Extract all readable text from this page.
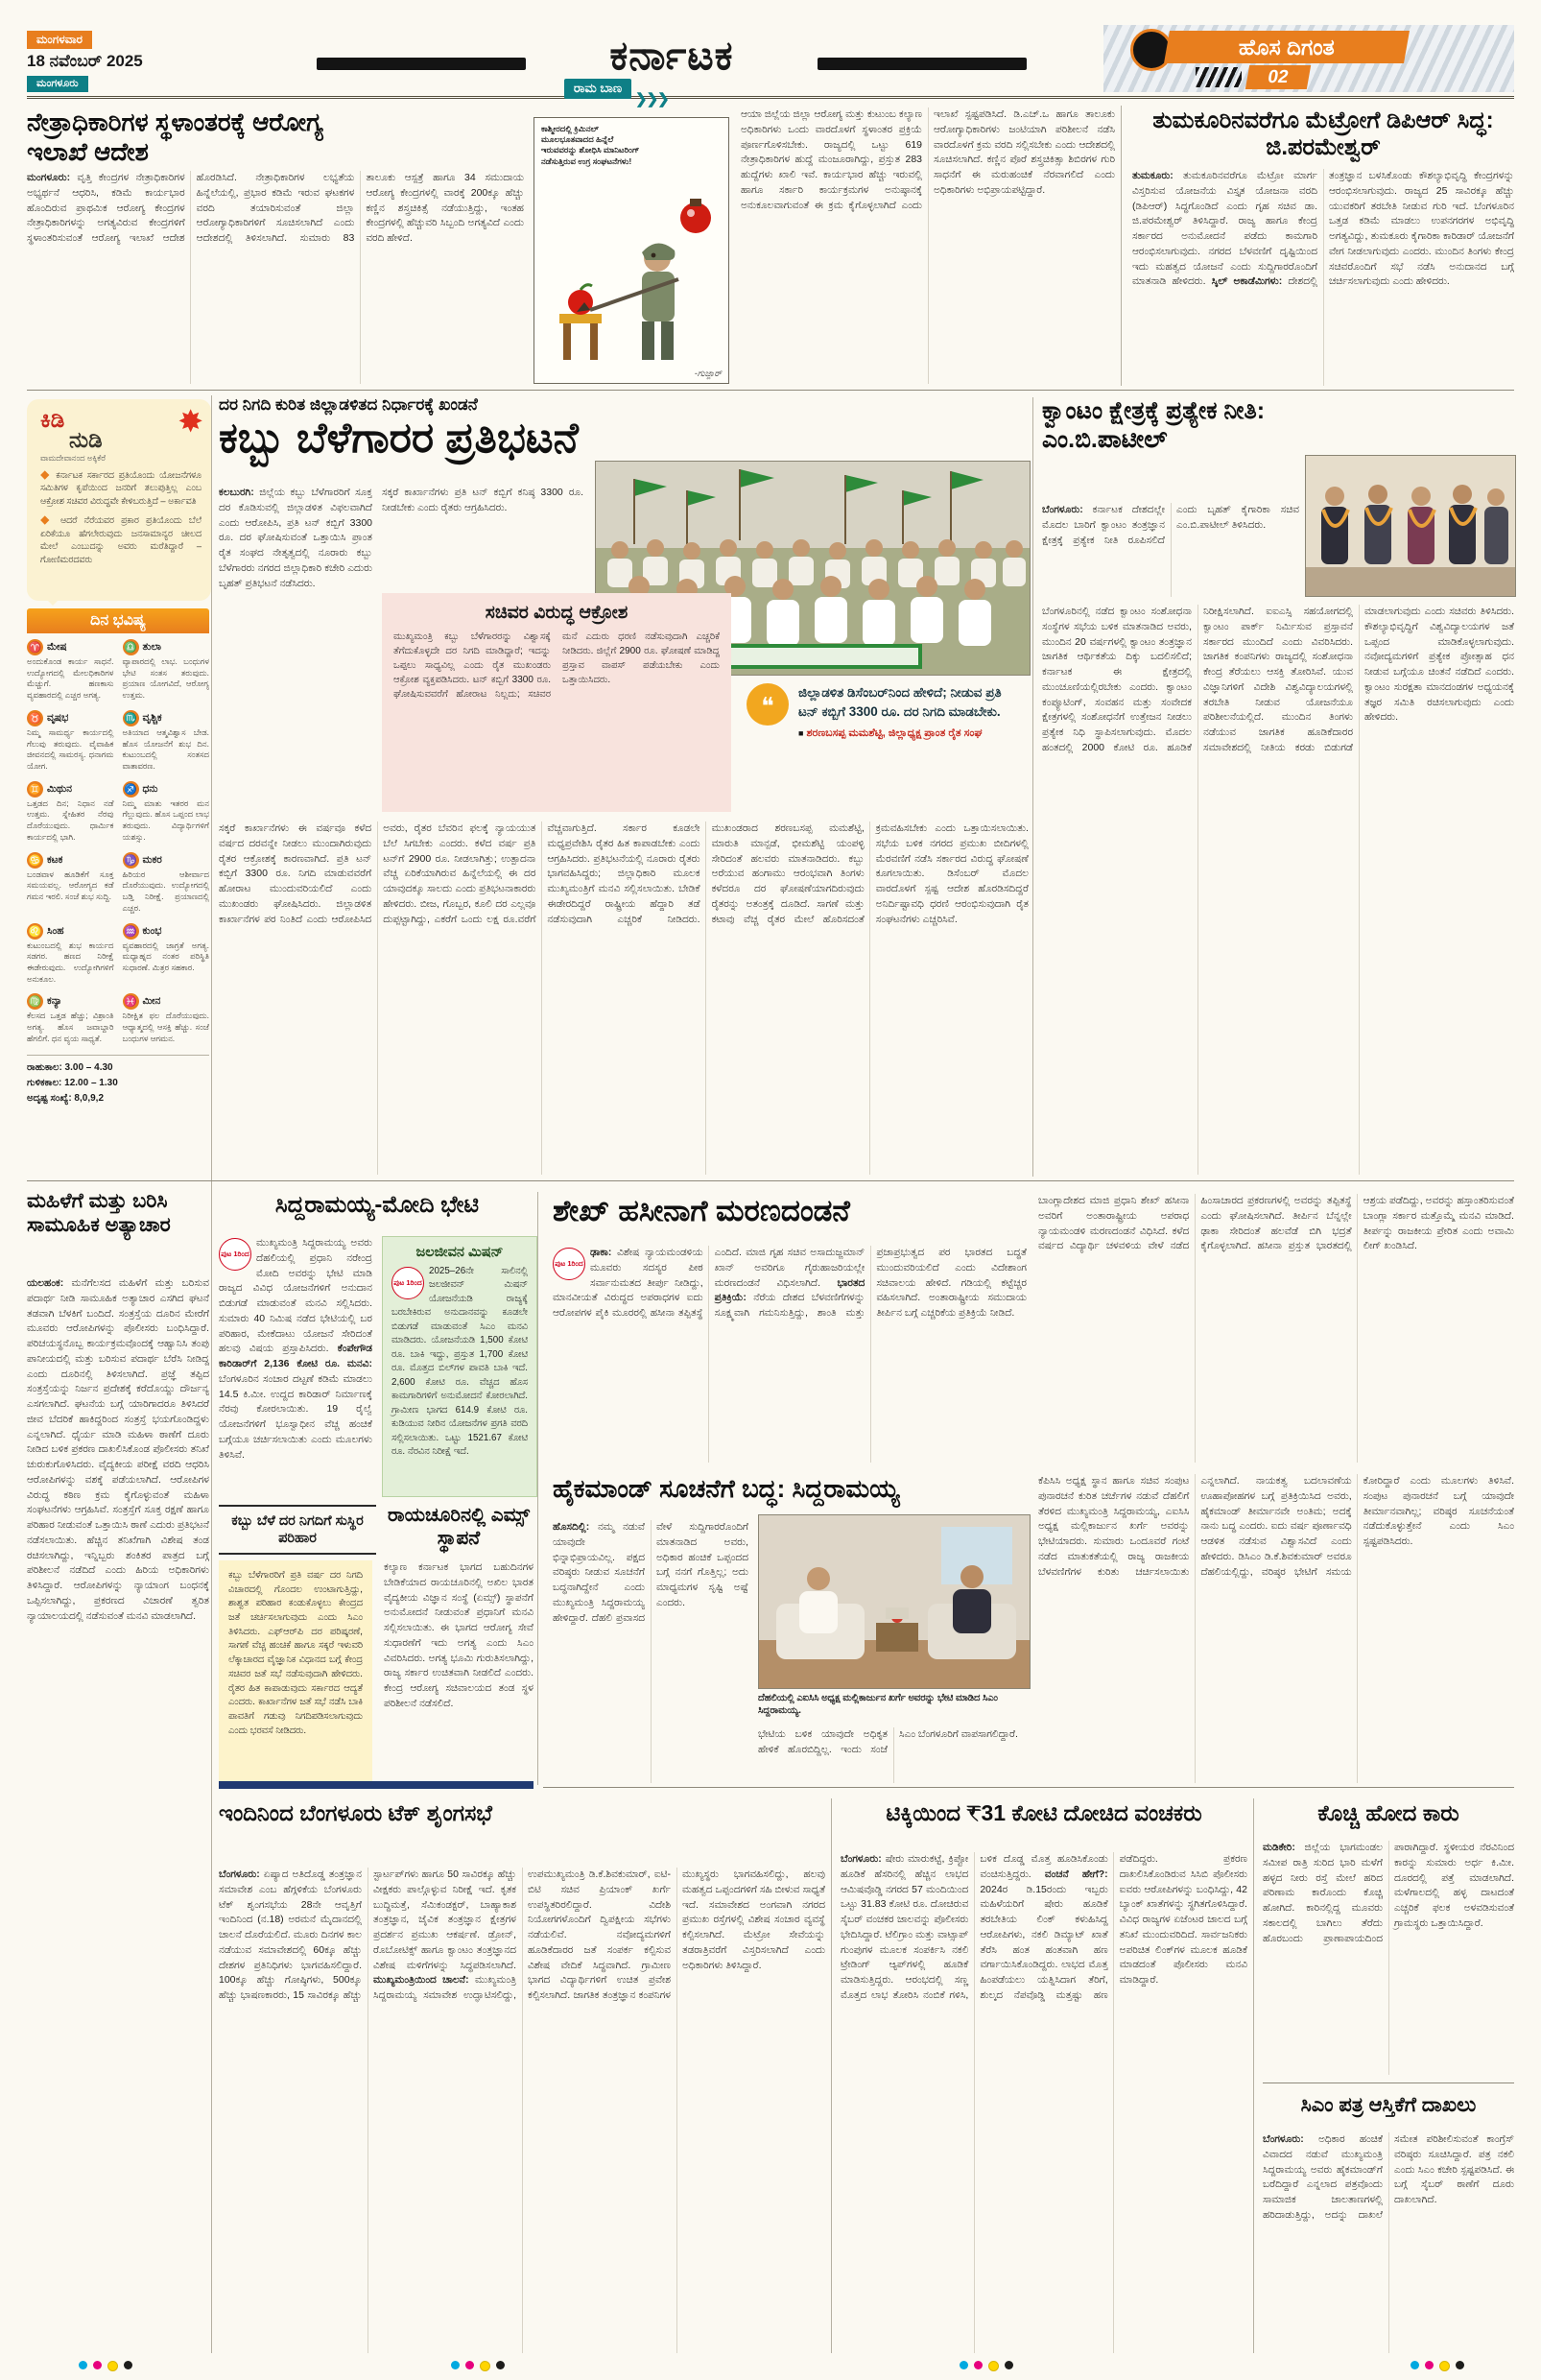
ಮಂಗಳವಾರ
18 ನವೆಂಬರ್ 2025
ಮಂಗಳೂರು
ಕರ್ನಾಟಕ	ಹೊಸ ದಿಗಂತ
02
ನೇತ್ರಾಧಿಕಾರಿಗಳ ಸ್ಥಳಾಂತರಕ್ಕೆ ಆರೋಗ್ಯ ಇಲಾಖೆ ಆದೇಶ
ಮಂಗಳೂರು: ವೃತ್ತಿ ಕೇಂದ್ರಗಳ ನೇತ್ರಾಧಿಕಾರಿಗಳ ಅಭ್ಯರ್ಥನೆ ಆಧರಿಸಿ, ಕಡಿಮೆ ಕಾರ್ಯಭಾರ ಹೊಂದಿರುವ ಪ್ರಾಥಮಿಕ ಆರೋಗ್ಯ ಕೇಂದ್ರಗಳ ನೇತ್ರಾಧಿಕಾರಿಗಳನ್ನು ಅಗತ್ಯವಿರುವ ಕೇಂದ್ರಗಳಿಗೆ ಸ್ಥಳಾಂತರಿಸುವಂತೆ ಆರೋಗ್ಯ ಇಲಾಖೆ ಆದೇಶ ಹೊರಡಿಸಿದೆ. ನೇತ್ರಾಧಿಕಾರಿಗಳ ಲಭ್ಯತೆಯ ಹಿನ್ನೆಲೆಯಲ್ಲಿ, ಪ್ರಭಾರ ಕಡಿಮೆ ಇರುವ ಘಟಕಗಳ ವರದಿ ತಯಾರಿಸುವಂತೆ ಜಿಲ್ಲಾ ಆರೋಗ್ಯಾಧಿಕಾರಿಗಳಿಗೆ ಸೂಚಿಸಲಾಗಿದೆ ಎಂದು ಆದೇಶದಲ್ಲಿ ತಿಳಿಸಲಾಗಿದೆ. ಸುಮಾರು 83 ತಾಲೂಕು ಆಸ್ಪತ್ರೆ ಹಾಗೂ 34 ಸಮುದಾಯ ಆರೋಗ್ಯ ಕೇಂದ್ರಗಳಲ್ಲಿ ವಾರಕ್ಕೆ 200ಕ್ಕೂ ಹೆಚ್ಚು ಕಣ್ಣಿನ ಶಸ್ತ್ರಚಿಕಿತ್ಸೆ ನಡೆಯುತ್ತಿದ್ದು, ಇಂತಹ ಕೇಂದ್ರಗಳಲ್ಲಿ ಹೆಚ್ಚುವರಿ ಸಿಬ್ಬಂದಿ ಅಗತ್ಯವಿದೆ ಎಂದು ವರದಿ ಹೇಳಿದೆ.
ರಾಮ ಬಾಣ
❯❯❯
ಕಾಶ್ಮೀರದಲ್ಲಿ ಕ್ರಿಮಿನಲ್ ಮೂಲಭೂತವಾದದ ಹಿನ್ನೆಲೆ ಇರುವವರನ್ನು ಶೋಧಿಸಿ ಮಾನಿಟರಿಂಗ್ ನಡೆಸುತ್ತಿರುವ ಉಗ್ರ ಸಂಘಟನೆಗಳು!
-ಗುಜ್ಜಾರ್
ಆಯಾ ಜಿಲ್ಲೆಯ ಜಿಲ್ಲಾ ಆರೋಗ್ಯ ಮತ್ತು ಕುಟುಂಬ ಕಲ್ಯಾಣ ಅಧಿಕಾರಿಗಳು ಒಂದು ವಾರದೊಳಗೆ ಸ್ಥಳಾಂತರ ಪ್ರಕ್ರಿಯೆ ಪೂರ್ಣಗೊಳಿಸಬೇಕು. ರಾಜ್ಯದಲ್ಲಿ ಒಟ್ಟು 619 ನೇತ್ರಾಧಿಕಾರಿಗಳ ಹುದ್ದೆ ಮಂಜೂರಾಗಿದ್ದು, ಪ್ರಸ್ತುತ 283 ಹುದ್ದೆಗಳು ಖಾಲಿ ಇವೆ. ಕಾರ್ಯಭಾರ ಹೆಚ್ಚು ಇರುವಲ್ಲಿ ಹಾಗೂ ಸರ್ಕಾರಿ ಕಾರ್ಯಕ್ರಮಗಳ ಅನುಷ್ಠಾನಕ್ಕೆ ಅನುಕೂಲವಾಗುವಂತೆ ಈ ಕ್ರಮ ಕೈಗೊಳ್ಳಲಾಗಿದೆ ಎಂದು ಇಲಾಖೆ ಸ್ಪಷ್ಟಪಡಿಸಿದೆ. ಡಿ.ಎಚ್.ಒ ಹಾಗೂ ತಾಲೂಕು ಆರೋಗ್ಯಾಧಿಕಾರಿಗಳು ಜಂಟಿಯಾಗಿ ಪರಿಶೀಲನೆ ನಡೆಸಿ ವಾರದೊಳಗೆ ಕ್ರಮ ವರದಿ ಸಲ್ಲಿಸಬೇಕು ಎಂದು ಆದೇಶದಲ್ಲಿ ಸೂಚಿಸಲಾಗಿದೆ. ಕಣ್ಣಿನ ಪೊರೆ ಶಸ್ತ್ರಚಿಕಿತ್ಸಾ ಶಿಬಿರಗಳ ಗುರಿ ಸಾಧನೆಗೆ ಈ ಮರುಹಂಚಿಕೆ ನೆರವಾಗಲಿದೆ ಎಂದು ಅಧಿಕಾರಿಗಳು ಅಭಿಪ್ರಾಯಪಟ್ಟಿದ್ದಾರೆ.
ತುಮಕೂರಿನವರೆಗೂ ಮೆಟ್ರೋಗೆ ಡಿಪಿಆರ್ ಸಿದ್ಧ: ಜಿ.ಪರಮೇಶ್ವರ್
ತುಮಕೂರು: ತುಮಕೂರಿನವರೆಗೂ ಮೆಟ್ರೋ ಮಾರ್ಗ ವಿಸ್ತರಿಸುವ ಯೋಜನೆಯ ವಿಸ್ತೃತ ಯೋಜನಾ ವರದಿ (ಡಿಪಿಆರ್) ಸಿದ್ಧಗೊಂಡಿದೆ ಎಂದು ಗೃಹ ಸಚಿವ ಡಾ. ಜಿ.ಪರಮೇಶ್ವರ್ ತಿಳಿಸಿದ್ದಾರೆ. ರಾಜ್ಯ ಹಾಗೂ ಕೇಂದ್ರ ಸರ್ಕಾರದ ಅನುಮೋದನೆ ಪಡೆದು ಕಾಮಗಾರಿ ಆರಂಭಿಸಲಾಗುವುದು. ನಗರದ ಬೆಳವಣಿಗೆ ದೃಷ್ಟಿಯಿಂದ ಇದು ಮಹತ್ವದ ಯೋಜನೆ ಎಂದು ಸುದ್ದಿಗಾರರೊಂದಿಗೆ ಮಾತನಾಡಿ ಹೇಳಿದರು. ಸ್ಕಿಲ್ ಅಕಾಡೆಮಿಗಳು: ದೇಶದಲ್ಲಿ ತಂತ್ರಜ್ಞಾನ ಬಳಸಿಕೊಂಡು ಕೌಶಲ್ಯಾಭಿವೃದ್ಧಿ ಕೇಂದ್ರಗಳನ್ನು ಆರಂಭಿಸಲಾಗುವುದು. ರಾಜ್ಯದ 25 ಸಾವಿರಕ್ಕೂ ಹೆಚ್ಚು ಯುವಕರಿಗೆ ತರಬೇತಿ ನೀಡುವ ಗುರಿ ಇದೆ. ಬೆಂಗಳೂರಿನ ಒತ್ತಡ ಕಡಿಮೆ ಮಾಡಲು ಉಪನಗರಗಳ ಅಭಿವೃದ್ಧಿ ಅಗತ್ಯವಿದ್ದು, ತುಮಕೂರು ಕೈಗಾರಿಕಾ ಕಾರಿಡಾರ್ ಯೋಜನೆಗೆ ವೇಗ ನೀಡಲಾಗುವುದು ಎಂದರು. ಮುಂದಿನ ತಿಂಗಳು ಕೇಂದ್ರ ಸಚಿವರೊಂದಿಗೆ ಸಭೆ ನಡೆಸಿ ಅನುದಾನದ ಬಗ್ಗೆ ಚರ್ಚಿಸಲಾಗುವುದು ಎಂದು ಹೇಳಿದರು.
✸
ಕಿಡಿ
ನುಡಿ
ವಾಮದೇವಾನಂದ ಅಕ್ಕಿಕೆರೆ
◆ ಕರ್ನಾಟಕ ಸರ್ಕಾರದ ಪ್ರತಿಯೊಂದು ಯೋಜನೆಗಳೂ ಸಮಿತಿಗಳ ಕೃಪೆಯಿಂದ ಜನರಿಗೆ ತಲುಪುತ್ತಿಲ್ಲ ಎಂಬ ಆಕ್ರೋಶ ಸಚಿವರ ವಿರುದ್ಧವೇ ಕೇಳಿಬರುತ್ತಿದೆ – ಅರ್ಕಾವತಿ
◆ ಆದರೆ ನೆರೆಯವರ ಪ್ರಕಾರ ಪ್ರತಿಯೊಂದು ಬೆಲೆ ಏರಿಕೆಯೂ ಹೆಗಲೇರುವುದು ಜನಸಾಮಾನ್ಯರ ಚೀಲದ ಮೇಲೆ ಎಂಬುದನ್ನು ಅವರು ಮರೆತಿದ್ದಾರೆ – ಗೋಣಿಮರದವರು
ದಿನ ಭವಿಷ್ಯ
♈ ಮೇಷ
ಅಂದುಕೊಂಡ ಕಾರ್ಯ ಸಾಧನೆ. ಉದ್ಯೋಗದಲ್ಲಿ ಮೇಲಧಿಕಾರಿಗಳ ಮೆಚ್ಚುಗೆ. ಹಣಕಾಸು ವ್ಯವಹಾರದಲ್ಲಿ ಎಚ್ಚರ ಅಗತ್ಯ.
♎ ತುಲಾ
ವ್ಯಾಪಾರದಲ್ಲಿ ಲಾಭ. ಬಂಧುಗಳ ಭೇಟಿ ಸಂತಸ ತರುವುದು. ಪ್ರಯಾಣ ಯೋಗವಿದೆ, ಆರೋಗ್ಯ ಉತ್ತಮ.
♉ ವೃಷಭ
ನಿಮ್ಮ ಸಾಮರ್ಥ್ಯ ಕಾರ್ಯದಲ್ಲಿ ಗೆಲುವು ತರುವುದು. ವೈವಾಹಿಕ ಜೀವನದಲ್ಲಿ ಸಾಮರಸ್ಯ. ಧನಾಗಮ ಯೋಗ.
♏ ವೃಶ್ಚಿಕ
ಅತಿಯಾದ ಆತ್ಮವಿಶ್ವಾಸ ಬೇಡ. ಹೊಸ ಯೋಜನೆಗೆ ಶುಭ ದಿನ. ಕುಟುಂಬದಲ್ಲಿ ಸಂತಸದ ವಾತಾವರಣ.
♊ ಮಿಥುನ
ಒತ್ತಡದ ದಿನ; ನಿಧಾನ ನಡೆ ಉತ್ತಮ. ಸ್ನೇಹಿತರ ನೆರವು ದೊರೆಯುವುದು. ಧಾರ್ಮಿಕ ಕಾರ್ಯದಲ್ಲಿ ಭಾಗಿ.
♐ ಧನು
ನಿಮ್ಮ ಮಾತು ಇತರರ ಮನ ಗೆಲ್ಲುವುದು. ಹೊಸ ಒಪ್ಪಂದ ಲಾಭ ತರುವುದು. ವಿದ್ಯಾರ್ಥಿಗಳಿಗೆ ಯಶಸ್ಸು.
♋ ಕಟಕ
ಬಂಡವಾಳ ಹೂಡಿಕೆಗೆ ಸೂಕ್ತ ಸಮಯವಲ್ಲ. ಆರೋಗ್ಯದ ಕಡೆ ಗಮನ ಇರಲಿ. ಸಂಜೆ ಶುಭ ಸುದ್ದಿ.
♑ ಮಕರ
ಹಿರಿಯರ ಆಶೀರ್ವಾದ ದೊರೆಯುವುದು. ಉದ್ಯೋಗದಲ್ಲಿ ಬಡ್ತಿ ನಿರೀಕ್ಷೆ. ಪ್ರಯಾಣದಲ್ಲಿ ಎಚ್ಚರ.
♌ ಸಿಂಹ
ಕುಟುಂಬದಲ್ಲಿ ಶುಭ ಕಾರ್ಯದ ಸಡಗರ. ಹಣದ ನಿರೀಕ್ಷೆ ಈಡೇರುವುದು. ಉದ್ಯೋಗಿಗಳಿಗೆ ಅನುಕೂಲ.
♒ ಕುಂಭ
ವ್ಯವಹಾರದಲ್ಲಿ ಜಾಗ್ರತೆ ಅಗತ್ಯ. ಮಧ್ಯಾಹ್ನದ ನಂತರ ಪರಿಸ್ಥಿತಿ ಸುಧಾರಣೆ. ಮಿತ್ರರ ಸಹಕಾರ.
♍ ಕನ್ಯಾ
ಕೆಲಸದ ಒತ್ತಡ ಹೆಚ್ಚು; ವಿಶ್ರಾಂತಿ ಅಗತ್ಯ. ಹೊಸ ಜವಾಬ್ದಾರಿ ಹೆಗಲಿಗೆ. ಧನ ವ್ಯಯ ಸಾಧ್ಯತೆ.
♓ ಮೀನ
ನಿರೀಕ್ಷಿತ ಫಲ ದೊರೆಯುವುದು. ಆಧ್ಯಾತ್ಮದಲ್ಲಿ ಆಸಕ್ತಿ ಹೆಚ್ಚು. ಸಂಜೆ ಬಂಧುಗಳ ಆಗಮನ.
ರಾಹುಕಾಲ: 3.00 – 4.30
ಗುಳಿಕಕಾಲ: 12.00 – 1.30
ಅದೃಷ್ಟ ಸಂಖ್ಯೆ: 8,0,9,2
ಮಹಿಳೆಗೆ ಮತ್ತು ಬರಿಸಿ ಸಾಮೂಹಿಕ ಅತ್ಯಾಚಾರ
ಯಲಹಂಕ: ಮನೆಗೆಲಸದ ಮಹಿಳೆಗೆ ಮತ್ತು ಬರಿಸುವ ಪದಾರ್ಥ ನೀಡಿ ಸಾಮೂಹಿಕ ಅತ್ಯಾಚಾರ ಎಸಗಿದ ಘಟನೆ ತಡವಾಗಿ ಬೆಳಕಿಗೆ ಬಂದಿದೆ. ಸಂತ್ರಸ್ತೆಯ ದೂರಿನ ಮೇರೆಗೆ ಮೂವರು ಆರೋಪಿಗಳನ್ನು ಪೊಲೀಸರು ಬಂಧಿಸಿದ್ದಾರೆ. ಪರಿಚಯಸ್ಥನೊಬ್ಬ ಕಾರ್ಯಕ್ರಮವೊಂದಕ್ಕೆ ಆಹ್ವಾನಿಸಿ ತಂಪು ಪಾನೀಯದಲ್ಲಿ ಮತ್ತು ಬರಿಸುವ ಪದಾರ್ಥ ಬೆರೆಸಿ ನೀಡಿದ್ದ ಎಂದು ದೂರಿನಲ್ಲಿ ತಿಳಿಸಲಾಗಿದೆ. ಪ್ರಜ್ಞೆ ತಪ್ಪಿದ ಸಂತ್ರಸ್ತೆಯನ್ನು ನಿರ್ಜನ ಪ್ರದೇಶಕ್ಕೆ ಕರೆದೊಯ್ದು ದೌರ್ಜನ್ಯ ಎಸಗಲಾಗಿದೆ. ಘಟನೆಯ ಬಗ್ಗೆ ಯಾರಿಗಾದರೂ ತಿಳಿಸಿದರೆ ಜೀವ ಬೆದರಿಕೆ ಹಾಕಿದ್ದರಿಂದ ಸಂತ್ರಸ್ತೆ ಭಯಗೊಂಡಿದ್ದಳು ಎನ್ನಲಾಗಿದೆ. ಧೈರ್ಯ ಮಾಡಿ ಮಹಿಳಾ ಠಾಣೆಗೆ ದೂರು ನೀಡಿದ ಬಳಿಕ ಪ್ರಕರಣ ದಾಖಲಿಸಿಕೊಂಡ ಪೊಲೀಸರು ತನಿಖೆ ಚುರುಕುಗೊಳಿಸಿದರು. ವೈದ್ಯಕೀಯ ಪರೀಕ್ಷೆ ವರದಿ ಆಧರಿಸಿ ಆರೋಪಿಗಳನ್ನು ವಶಕ್ಕೆ ಪಡೆಯಲಾಗಿದೆ. ಆರೋಪಿಗಳ ವಿರುದ್ಧ ಕಠಿಣ ಕ್ರಮ ಕೈಗೊಳ್ಳುವಂತೆ ಮಹಿಳಾ ಸಂಘಟನೆಗಳು ಆಗ್ರಹಿಸಿವೆ. ಸಂತ್ರಸ್ತೆಗೆ ಸೂಕ್ತ ರಕ್ಷಣೆ ಹಾಗೂ ಪರಿಹಾರ ನೀಡುವಂತೆ ಒತ್ತಾಯಿಸಿ ಠಾಣೆ ಎದುರು ಪ್ರತಿಭಟನೆ ನಡೆಸಲಾಯಿತು. ಹೆಚ್ಚಿನ ತನಿಖೆಗಾಗಿ ವಿಶೇಷ ತಂಡ ರಚಿಸಲಾಗಿದ್ದು, ಇನ್ನಿಬ್ಬರು ಶಂಕಿತರ ಪಾತ್ರದ ಬಗ್ಗೆ ಪರಿಶೀಲನೆ ನಡೆದಿದೆ ಎಂದು ಹಿರಿಯ ಅಧಿಕಾರಿಗಳು ತಿಳಿಸಿದ್ದಾರೆ. ಆರೋಪಿಗಳನ್ನು ನ್ಯಾಯಾಂಗ ಬಂಧನಕ್ಕೆ ಒಪ್ಪಿಸಲಾಗಿದ್ದು, ಪ್ರಕರಣದ ವಿಚಾರಣೆ ತ್ವರಿತ ನ್ಯಾಯಾಲಯದಲ್ಲಿ ನಡೆಸುವಂತೆ ಮನವಿ ಮಾಡಲಾಗಿದೆ.
ದರ ನಿಗದಿ ಕುರಿತ ಜಿಲ್ಲಾಡಳಿತದ ನಿರ್ಧಾರಕ್ಕೆ ಖಂಡನೆ
ಕಬ್ಬು ಬೆಳೆಗಾರರ ಪ್ರತಿಭಟನೆ
ಕಲಬುರಗಿ: ಜಿಲ್ಲೆಯ ಕಬ್ಬು ಬೆಳೆಗಾರರಿಗೆ ಸೂಕ್ತ ದರ ಕೊಡಿಸುವಲ್ಲಿ ಜಿಲ್ಲಾಡಳಿತ ವಿಫಲವಾಗಿದೆ ಎಂದು ಆರೋಪಿಸಿ, ಪ್ರತಿ ಟನ್ ಕಬ್ಬಿಗೆ 3300 ರೂ. ದರ ಘೋಷಿಸುವಂತೆ ಒತ್ತಾಯಿಸಿ ಪ್ರಾಂತ ರೈತ ಸಂಘದ ನೇತೃತ್ವದಲ್ಲಿ ನೂರಾರು ಕಬ್ಬು ಬೆಳೆಗಾರರು ನಗರದ ಜಿಲ್ಲಾಧಿಕಾರಿ ಕಚೇರಿ ಎದುರು ಬೃಹತ್ ಪ್ರತಿಭಟನೆ ನಡೆಸಿದರು.
ಸಕ್ಕರೆ ಕಾರ್ಖಾನೆಗಳು ಪ್ರತಿ ಟನ್ ಕಬ್ಬಿಗೆ ಕನಿಷ್ಠ 3300 ರೂ. ನೀಡಬೇಕು ಎಂದು ರೈತರು ಆಗ್ರಹಿಸಿದರು.
ಸಚಿವರ ವಿರುದ್ಧ ಆಕ್ರೋಶ
ಮುಖ್ಯಮಂತ್ರಿ ಕಬ್ಬು ಬೆಳೆಗಾರರನ್ನು ವಿಶ್ವಾಸಕ್ಕೆ ತೆಗೆದುಕೊಳ್ಳದೇ ದರ ನಿಗದಿ ಮಾಡಿದ್ದಾರೆ; ಇದನ್ನು ಒಪ್ಪಲು ಸಾಧ್ಯವಿಲ್ಲ ಎಂದು ರೈತ ಮುಖಂಡರು ಆಕ್ರೋಶ ವ್ಯಕ್ತಪಡಿಸಿದರು. ಟನ್ ಕಬ್ಬಿಗೆ 3300 ರೂ. ಘೋಷಿಸುವವರೆಗೆ ಹೋರಾಟ ನಿಲ್ಲದು; ಸಚಿವರ ಮನೆ ಎದುರು ಧರಣಿ ನಡೆಸುವುದಾಗಿ ಎಚ್ಚರಿಕೆ ನೀಡಿದರು. ಜಿಲ್ಲೆಗೆ 2900 ರೂ. ಘೋಷಣೆ ಮಾಡಿದ್ದ ಪ್ರಸ್ತಾವ ವಾಪಸ್ ಪಡೆಯಬೇಕು ಎಂದು ಒತ್ತಾಯಿಸಿದರು.
❝
ಜಿಲ್ಲಾಡಳಿತ ಡಿಸೆಂಬರ್‌ನಿಂದ ಹೇಳಿದೆ; ನೀಡುವ ಪ್ರತಿ ಟನ್ ಕಬ್ಬಿಗೆ 3300 ರೂ. ದರ ನಿಗದಿ ಮಾಡಬೇಕು.
■ ಶರಣಬಸಪ್ಪ ಮಮಶೆಟ್ಟಿ, ಜಿಲ್ಲಾಧ್ಯಕ್ಷ ಪ್ರಾಂತ ರೈತ ಸಂಘ
ಸಕ್ಕರೆ ಕಾರ್ಖಾನೆಗಳು ಈ ವರ್ಷವೂ ಕಳೆದ ವರ್ಷದ ದರವನ್ನೇ ನೀಡಲು ಮುಂದಾಗಿರುವುದು ರೈತರ ಆಕ್ರೋಶಕ್ಕೆ ಕಾರಣವಾಗಿದೆ. ಪ್ರತಿ ಟನ್ ಕಬ್ಬಿಗೆ 3300 ರೂ. ನಿಗದಿ ಮಾಡುವವರೆಗೆ ಹೋರಾಟ ಮುಂದುವರಿಯಲಿದೆ ಎಂದು ಮುಖಂಡರು ಘೋಷಿಸಿದರು. ಜಿಲ್ಲಾಡಳಿತ ಕಾರ್ಖಾನೆಗಳ ಪರ ನಿಂತಿದೆ ಎಂದು ಆರೋಪಿಸಿದ ಅವರು, ರೈತರ ಬೆವರಿನ ಫಲಕ್ಕೆ ನ್ಯಾಯಯುತ ಬೆಲೆ ಸಿಗಬೇಕು ಎಂದರು. ಕಳೆದ ವರ್ಷ ಪ್ರತಿ ಟನ್‌ಗೆ 2900 ರೂ. ನೀಡಲಾಗಿತ್ತು; ಉತ್ಪಾದನಾ ವೆಚ್ಚ ಏರಿಕೆಯಾಗಿರುವ ಹಿನ್ನೆಲೆಯಲ್ಲಿ ಈ ದರ ಯಾವುದಕ್ಕೂ ಸಾಲದು ಎಂದು ಪ್ರತಿಭಟನಾಕಾರರು ಹೇಳಿದರು. ಬೀಜ, ಗೊಬ್ಬರ, ಕೂಲಿ ದರ ಎಲ್ಲವೂ ದುಪ್ಪಟ್ಟಾಗಿದ್ದು, ಎಕರೆಗೆ ಒಂದು ಲಕ್ಷ ರೂ.ವರೆಗೆ ವೆಚ್ಚವಾಗುತ್ತಿದೆ. ಸರ್ಕಾರ ಕೂಡಲೇ ಮಧ್ಯಪ್ರವೇಶಿಸಿ ರೈತರ ಹಿತ ಕಾಪಾಡಬೇಕು ಎಂದು ಆಗ್ರಹಿಸಿದರು. ಪ್ರತಿಭಟನೆಯಲ್ಲಿ ನೂರಾರು ರೈತರು ಭಾಗವಹಿಸಿದ್ದರು; ಜಿಲ್ಲಾಧಿಕಾರಿ ಮೂಲಕ ಮುಖ್ಯಮಂತ್ರಿಗೆ ಮನವಿ ಸಲ್ಲಿಸಲಾಯಿತು. ಬೇಡಿಕೆ ಈಡೇರದಿದ್ದರೆ ರಾಷ್ಟ್ರೀಯ ಹೆದ್ದಾರಿ ತಡೆ ನಡೆಸುವುದಾಗಿ ಎಚ್ಚರಿಕೆ ನೀಡಿದರು. ಮುಖಂಡರಾದ ಶರಣಬಸಪ್ಪ ಮಮಶೆಟ್ಟಿ, ಮಾರುತಿ ಮಾನ್ಪಡೆ, ಭೀಮಶೆಟ್ಟಿ ಯಂಪಳ್ಳಿ ಸೇರಿದಂತೆ ಹಲವರು ಮಾತನಾಡಿದರು. ಕಬ್ಬು ಅರೆಯುವ ಹಂಗಾಮು ಆರಂಭವಾಗಿ ತಿಂಗಳು ಕಳೆದರೂ ದರ ಘೋಷಣೆಯಾಗದಿರುವುದು ರೈತರನ್ನು ಅತಂತ್ರಕ್ಕೆ ದೂಡಿದೆ. ಸಾಗಣೆ ಮತ್ತು ಕಟಾವು ವೆಚ್ಚ ರೈತರ ಮೇಲೆ ಹೊರಿಸದಂತೆ ಕ್ರಮವಹಿಸಬೇಕು ಎಂದು ಒತ್ತಾಯಿಸಲಾಯಿತು. ಸಭೆಯ ಬಳಿಕ ನಗರದ ಪ್ರಮುಖ ಬೀದಿಗಳಲ್ಲಿ ಮೆರವಣಿಗೆ ನಡೆಸಿ ಸರ್ಕಾರದ ವಿರುದ್ಧ ಘೋಷಣೆ ಕೂಗಲಾಯಿತು. ಡಿಸೆಂಬರ್ ಮೊದಲ ವಾರದೊಳಗೆ ಸ್ಪಷ್ಟ ಆದೇಶ ಹೊರಡಿಸದಿದ್ದರೆ ಅನಿರ್ದಿಷ್ಟಾವಧಿ ಧರಣಿ ಆರಂಭಿಸುವುದಾಗಿ ರೈತ ಸಂಘಟನೆಗಳು ಎಚ್ಚರಿಸಿವೆ.
ಕ್ವಾಂಟಂ ಕ್ಷೇತ್ರಕ್ಕೆ ಪ್ರತ್ಯೇಕ ನೀತಿ: ಎಂ.ಬಿ.ಪಾಟೀಲ್
ಬೆಂಗಳೂರು: ಕರ್ನಾಟಕ ದೇಶದಲ್ಲೇ ಮೊದಲ ಬಾರಿಗೆ ಕ್ವಾಂಟಂ ತಂತ್ರಜ್ಞಾನ ಕ್ಷೇತ್ರಕ್ಕೆ ಪ್ರತ್ಯೇಕ ನೀತಿ ರೂಪಿಸಲಿದೆ ಎಂದು ಬೃಹತ್ ಕೈಗಾರಿಕಾ ಸಚಿವ ಎಂ.ಬಿ.ಪಾಟೀಲ್ ತಿಳಿಸಿದರು.
ಬೆಂಗಳೂರಿನಲ್ಲಿ ನಡೆದ ಕ್ವಾಂಟಂ ಸಂಶೋಧನಾ ಸಂಸ್ಥೆಗಳ ಸಭೆಯ ಬಳಿಕ ಮಾತನಾಡಿದ ಅವರು, ಮುಂದಿನ 20 ವರ್ಷಗಳಲ್ಲಿ ಕ್ವಾಂಟಂ ತಂತ್ರಜ್ಞಾನ ಜಾಗತಿಕ ಆರ್ಥಿಕತೆಯ ದಿಕ್ಕು ಬದಲಿಸಲಿದೆ; ಕರ್ನಾಟಕ ಈ ಕ್ಷೇತ್ರದಲ್ಲಿ ಮುಂಚೂಣಿಯಲ್ಲಿರಬೇಕು ಎಂದರು. ಕ್ವಾಂಟಂ ಕಂಪ್ಯೂಟಿಂಗ್, ಸಂವಹನ ಮತ್ತು ಸಂವೇದಕ ಕ್ಷೇತ್ರಗಳಲ್ಲಿ ಸಂಶೋಧನೆಗೆ ಉತ್ತೇಜನ ನೀಡಲು ಪ್ರತ್ಯೇಕ ನಿಧಿ ಸ್ಥಾಪಿಸಲಾಗುವುದು. ಮೊದಲ ಹಂತದಲ್ಲಿ 2000 ಕೋಟಿ ರೂ. ಹೂಡಿಕೆ ನಿರೀಕ್ಷಿಸಲಾಗಿದೆ. ಐಐಎಸ್ಸಿ ಸಹಯೋಗದಲ್ಲಿ ಕ್ವಾಂಟಂ ಪಾರ್ಕ್ ನಿರ್ಮಿಸುವ ಪ್ರಸ್ತಾವನೆ ಸರ್ಕಾರದ ಮುಂದಿದೆ ಎಂದು ವಿವರಿಸಿದರು. ಜಾಗತಿಕ ಕಂಪನಿಗಳು ರಾಜ್ಯದಲ್ಲಿ ಸಂಶೋಧನಾ ಕೇಂದ್ರ ತೆರೆಯಲು ಆಸಕ್ತಿ ತೋರಿಸಿವೆ. ಯುವ ವಿಜ್ಞಾನಿಗಳಿಗೆ ವಿದೇಶಿ ವಿಶ್ವವಿದ್ಯಾಲಯಗಳಲ್ಲಿ ತರಬೇತಿ ನೀಡುವ ಯೋಜನೆಯೂ ಪರಿಶೀಲನೆಯಲ್ಲಿದೆ. ಮುಂದಿನ ತಿಂಗಳು ನಡೆಯುವ ಜಾಗತಿಕ ಹೂಡಿಕೆದಾರರ ಸಮಾವೇಶದಲ್ಲಿ ನೀತಿಯ ಕರಡು ಬಿಡುಗಡೆ ಮಾಡಲಾಗುವುದು ಎಂದು ಸಚಿವರು ತಿಳಿಸಿದರು. ಕೌಶಲ್ಯಾಭಿವೃದ್ಧಿಗೆ ವಿಶ್ವವಿದ್ಯಾಲಯಗಳ ಜತೆ ಒಪ್ಪಂದ ಮಾಡಿಕೊಳ್ಳಲಾಗುವುದು. ನವೋದ್ಯಮಗಳಿಗೆ ಪ್ರತ್ಯೇಕ ಪ್ರೋತ್ಸಾಹ ಧನ ನೀಡುವ ಬಗ್ಗೆಯೂ ಚಿಂತನೆ ನಡೆದಿದೆ ಎಂದರು. ಕ್ವಾಂಟಂ ಸುರಕ್ಷತಾ ಮಾನದಂಡಗಳ ಅಧ್ಯಯನಕ್ಕೆ ತಜ್ಞರ ಸಮಿತಿ ರಚಿಸಲಾಗುವುದು ಎಂದು ಹೇಳಿದರು.
ಸಿದ್ದರಾಮಯ್ಯ-ಮೋದಿ ಭೇಟಿ
ಪುಟ 1ರಿಂದ
ಮುಖ್ಯಮಂತ್ರಿ ಸಿದ್ದರಾಮಯ್ಯ ಅವರು ದೆಹಲಿಯಲ್ಲಿ ಪ್ರಧಾನಿ ನರೇಂದ್ರ ಮೋದಿ ಅವರನ್ನು ಭೇಟಿ ಮಾಡಿ ರಾಜ್ಯದ ವಿವಿಧ ಯೋಜನೆಗಳಿಗೆ ಅನುದಾನ ಬಿಡುಗಡೆ ಮಾಡುವಂತೆ ಮನವಿ ಸಲ್ಲಿಸಿದರು. ಸುಮಾರು 40 ನಿಮಿಷ ನಡೆದ ಭೇಟಿಯಲ್ಲಿ ಬರ ಪರಿಹಾರ, ಮೇಕೆದಾಟು ಯೋಜನೆ ಸೇರಿದಂತೆ ಹಲವು ವಿಷಯ ಪ್ರಸ್ತಾಪಿಸಿದರು. ಕೆಂಪೇಗೌಡ ಕಾರಿಡಾರ್‌ಗೆ 2,136 ಕೋಟಿ ರೂ. ಮನವಿ: ಬೆಂಗಳೂರಿನ ಸಂಚಾರ ದಟ್ಟಣೆ ಕಡಿಮೆ ಮಾಡಲು 14.5 ಕಿ.ಮೀ. ಉದ್ದದ ಕಾರಿಡಾರ್ ನಿರ್ಮಾಣಕ್ಕೆ ನೆರವು ಕೋರಲಾಯಿತು. 19 ರೈಲ್ವೆ ಯೋಜನೆಗಳಿಗೆ ಭೂಸ್ವಾಧೀನ ವೆಚ್ಚ ಹಂಚಿಕೆ ಬಗ್ಗೆಯೂ ಚರ್ಚಿಸಲಾಯಿತು ಎಂದು ಮೂಲಗಳು ತಿಳಿಸಿವೆ.
ಜಲಜೀವನ ಮಿಷನ್
ಪುಟ 1ರಿಂದ
2025–26ನೇ ಸಾಲಿನಲ್ಲಿ ಜಲಜೀವನ್ ಮಿಷನ್ ಯೋಜನೆಯಡಿ ರಾಜ್ಯಕ್ಕೆ ಬರಬೇಕಿರುವ ಅನುದಾನವನ್ನು ಕೂಡಲೇ ಬಿಡುಗಡೆ ಮಾಡುವಂತೆ ಸಿಎಂ ಮನವಿ ಮಾಡಿದರು. ಯೋಜನೆಯಡಿ 1,500 ಕೋಟಿ ರೂ. ಬಾಕಿ ಇದ್ದು, ಪ್ರಸ್ತುತ 1,700 ಕೋಟಿ ರೂ. ಮೊತ್ತದ ಬಿಲ್‌ಗಳ ಪಾವತಿ ಬಾಕಿ ಇದೆ. 2,600 ಕೋಟಿ ರೂ. ವೆಚ್ಚದ ಹೊಸ ಕಾಮಗಾರಿಗಳಿಗೆ ಅನುಮೋದನೆ ಕೋರಲಾಗಿದೆ. ಗ್ರಾಮೀಣ ಭಾಗದ 614.9 ಕೋಟಿ ರೂ. ಕುಡಿಯುವ ನೀರಿನ ಯೋಜನೆಗಳ ಪ್ರಗತಿ ವರದಿ ಸಲ್ಲಿಸಲಾಯಿತು. ಒಟ್ಟು 1521.67 ಕೋಟಿ ರೂ. ನೆರವಿನ ನಿರೀಕ್ಷೆ ಇದೆ.
ಕಬ್ಬು ಬೆಳೆ ದರ ನಿಗದಿಗೆ ಸುಸ್ಥಿರ ಪರಿಹಾರ
ಕಬ್ಬು ಬೆಳೆಗಾರರಿಗೆ ಪ್ರತಿ ವರ್ಷ ದರ ನಿಗದಿ ವಿಚಾರದಲ್ಲಿ ಗೊಂದಲ ಉಂಟಾಗುತ್ತಿದ್ದು, ಶಾಶ್ವತ ಪರಿಹಾರ ಕಂಡುಕೊಳ್ಳಲು ಕೇಂದ್ರದ ಜತೆ ಚರ್ಚಿಸಲಾಗುವುದು ಎಂದು ಸಿಎಂ ತಿಳಿಸಿದರು. ಎಫ್‌ಆರ್‌ಪಿ ದರ ಪರಿಷ್ಕರಣೆ, ಸಾಗಣೆ ವೆಚ್ಚ ಹಂಚಿಕೆ ಹಾಗೂ ಸಕ್ಕರೆ ಇಳುವರಿ ಲೆಕ್ಕಾಚಾರದ ವೈಜ್ಞಾನಿಕ ವಿಧಾನದ ಬಗ್ಗೆ ಕೇಂದ್ರ ಸಚಿವರ ಜತೆ ಸಭೆ ನಡೆಸುವುದಾಗಿ ಹೇಳಿದರು. ರೈತರ ಹಿತ ಕಾಪಾಡುವುದು ಸರ್ಕಾರದ ಆದ್ಯತೆ ಎಂದರು. ಕಾರ್ಖಾನೆಗಳ ಜತೆ ಸಭೆ ನಡೆಸಿ ಬಾಕಿ ಪಾವತಿಗೆ ಗಡುವು ನಿಗದಿಪಡಿಸಲಾಗುವುದು ಎಂದು ಭರವಸೆ ನೀಡಿದರು.
ರಾಯಚೂರಿನಲ್ಲಿ ಎಮ್ಸ್ ಸ್ಥಾಪನೆ
ಕಲ್ಯಾಣ ಕರ್ನಾಟಕ ಭಾಗದ ಬಹುದಿನಗಳ ಬೇಡಿಕೆಯಾದ ರಾಯಚೂರಿನಲ್ಲಿ ಅಖಿಲ ಭಾರತ ವೈದ್ಯಕೀಯ ವಿಜ್ಞಾನ ಸಂಸ್ಥೆ (ಏಮ್ಸ್) ಸ್ಥಾಪನೆಗೆ ಅನುಮೋದನೆ ನೀಡುವಂತೆ ಪ್ರಧಾನಿಗೆ ಮನವಿ ಸಲ್ಲಿಸಲಾಯಿತು. ಈ ಭಾಗದ ಆರೋಗ್ಯ ಸೇವೆ ಸುಧಾರಣೆಗೆ ಇದು ಅಗತ್ಯ ಎಂದು ಸಿಎಂ ವಿವರಿಸಿದರು. ಅಗತ್ಯ ಭೂಮಿ ಗುರುತಿಸಲಾಗಿದ್ದು, ರಾಜ್ಯ ಸರ್ಕಾರ ಉಚಿತವಾಗಿ ನೀಡಲಿದೆ ಎಂದರು. ಕೇಂದ್ರ ಆರೋಗ್ಯ ಸಚಿವಾಲಯದ ತಂಡ ಸ್ಥಳ ಪರಿಶೀಲನೆ ನಡೆಸಲಿದೆ.
ಶೇಖ್ ಹಸೀನಾಗೆ ಮರಣದಂಡನೆ	ಬಾಂಗ್ಲಾದೇಶದ ಮಾಜಿ ಪ್ರಧಾನಿ ಶೇಖ್ ಹಸೀನಾ ಅವರಿಗೆ ಅಂತಾರಾಷ್ಟ್ರೀಯ ಅಪರಾಧ ನ್ಯಾಯಮಂಡಳಿ ಮರಣದಂಡನೆ ವಿಧಿಸಿದೆ. ಕಳೆದ ವರ್ಷದ ವಿದ್ಯಾರ್ಥಿ ಚಳವಳಿಯ ವೇಳೆ ನಡೆದ ಹಿಂಸಾಚಾರದ ಪ್ರಕರಣಗಳಲ್ಲಿ ಅವರನ್ನು ತಪ್ಪಿತಸ್ಥೆ ಎಂದು ಘೋಷಿಸಲಾಗಿದೆ. ತೀರ್ಪಿನ ಬೆನ್ನಲ್ಲೇ ಢಾಕಾ ಸೇರಿದಂತೆ ಹಲವೆಡೆ ಬಿಗಿ ಭದ್ರತೆ ಕೈಗೊಳ್ಳಲಾಗಿದೆ. ಹಸೀನಾ ಪ್ರಸ್ತುತ ಭಾರತದಲ್ಲಿ ಆಶ್ರಯ ಪಡೆದಿದ್ದು, ಅವರನ್ನು ಹಸ್ತಾಂತರಿಸುವಂತೆ ಬಾಂಗ್ಲಾ ಸರ್ಕಾರ ಮತ್ತೊಮ್ಮೆ ಮನವಿ ಮಾಡಿದೆ. ತೀರ್ಪನ್ನು ರಾಜಕೀಯ ಪ್ರೇರಿತ ಎಂದು ಅವಾಮಿ ಲೀಗ್ ಖಂಡಿಸಿದೆ.
ಪುಟ 1ರಿಂದ
ಢಾಕಾ: ವಿಶೇಷ ನ್ಯಾಯಮಂಡಳಿಯ ಮೂವರು ಸದಸ್ಯರ ಪೀಠ ಸರ್ವಾನುಮತದ ತೀರ್ಪು ನೀಡಿದ್ದು, ಮಾನವೀಯತೆ ವಿರುದ್ಧದ ಅಪರಾಧಗಳ ಐದು ಆರೋಪಗಳ ಪೈಕಿ ಮೂರರಲ್ಲಿ ಹಸೀನಾ ತಪ್ಪಿತಸ್ಥೆ ಎಂದಿದೆ. ಮಾಜಿ ಗೃಹ ಸಚಿವ ಅಸಾದುಜ್ಜಮಾನ್ ಖಾನ್ ಅವರಿಗೂ ಗೈರುಹಾಜರಿಯಲ್ಲೇ ಮರಣದಂಡನೆ ವಿಧಿಸಲಾಗಿದೆ. ಭಾರತದ ಪ್ರತಿಕ್ರಿಯೆ: ನೆರೆಯ ದೇಶದ ಬೆಳವಣಿಗೆಗಳನ್ನು ಸೂಕ್ಷ್ಮವಾಗಿ ಗಮನಿಸುತ್ತಿದ್ದು, ಶಾಂತಿ ಮತ್ತು ಪ್ರಜಾಪ್ರಭುತ್ವದ ಪರ ಭಾರತದ ಬದ್ಧತೆ ಮುಂದುವರಿಯಲಿದೆ ಎಂದು ವಿದೇಶಾಂಗ ಸಚಿವಾಲಯ ಹೇಳಿದೆ. ಗಡಿಯಲ್ಲಿ ಕಟ್ಟೆಚ್ಚರ ವಹಿಸಲಾಗಿದೆ. ಅಂತಾರಾಷ್ಟ್ರೀಯ ಸಮುದಾಯ ತೀರ್ಪಿನ ಬಗ್ಗೆ ಎಚ್ಚರಿಕೆಯ ಪ್ರತಿಕ್ರಿಯೆ ನೀಡಿದೆ.
ಹೈಕಮಾಂಡ್ ಸೂಚನೆಗೆ ಬದ್ಧ: ಸಿದ್ದರಾಮಯ್ಯ
ಹೊಸದಿಲ್ಲಿ: ನಮ್ಮ ನಡುವೆ ಯಾವುದೇ ಭಿನ್ನಾಭಿಪ್ರಾಯವಿಲ್ಲ. ಪಕ್ಷದ ವರಿಷ್ಠರು ನೀಡುವ ಸೂಚನೆಗೆ ಬದ್ಧನಾಗಿದ್ದೇನೆ ಎಂದು ಮುಖ್ಯಮಂತ್ರಿ ಸಿದ್ದರಾಮಯ್ಯ ಹೇಳಿದ್ದಾರೆ. ದೆಹಲಿ ಪ್ರವಾಸದ ವೇಳೆ ಸುದ್ದಿಗಾರರೊಂದಿಗೆ ಮಾತನಾಡಿದ ಅವರು, ಅಧಿಕಾರ ಹಂಚಿಕೆ ಒಪ್ಪಂದದ ಬಗ್ಗೆ ನನಗೆ ಗೊತ್ತಿಲ್ಲ; ಅದು ಮಾಧ್ಯಮಗಳ ಸೃಷ್ಟಿ ಅಷ್ಟೆ ಎಂದರು.
ದೆಹಲಿಯಲ್ಲಿ ಎಐಸಿಸಿ ಅಧ್ಯಕ್ಷ ಮಲ್ಲಿಕಾರ್ಜುನ ಖರ್ಗೆ ಅವರನ್ನು ಭೇಟಿ ಮಾಡಿದ ಸಿಎಂ ಸಿದ್ದರಾಮಯ್ಯ.
ಭೇಟಿಯ ಬಳಿಕ ಯಾವುದೇ ಅಧಿಕೃತ ಹೇಳಿಕೆ ಹೊರಬಿದ್ದಿಲ್ಲ. ಇಂದು ಸಂಜೆ ಸಿಎಂ ಬೆಂಗಳೂರಿಗೆ ವಾಪಸಾಗಲಿದ್ದಾರೆ.
ಕೆಪಿಸಿಸಿ ಅಧ್ಯಕ್ಷ ಸ್ಥಾನ ಹಾಗೂ ಸಚಿವ ಸಂಪುಟ ಪುನಾರಚನೆ ಕುರಿತ ಚರ್ಚೆಗಳ ನಡುವೆ ದೆಹಲಿಗೆ ತೆರಳಿದ ಮುಖ್ಯಮಂತ್ರಿ ಸಿದ್ದರಾಮಯ್ಯ, ಎಐಸಿಸಿ ಅಧ್ಯಕ್ಷ ಮಲ್ಲಿಕಾರ್ಜುನ ಖರ್ಗೆ ಅವರನ್ನು ಭೇಟಿಯಾದರು. ಸುಮಾರು ಒಂದೂವರೆ ಗಂಟೆ ನಡೆದ ಮಾತುಕತೆಯಲ್ಲಿ ರಾಜ್ಯ ರಾಜಕೀಯ ಬೆಳವಣಿಗೆಗಳ ಕುರಿತು ಚರ್ಚಿಸಲಾಯಿತು ಎನ್ನಲಾಗಿದೆ. ನಾಯಕತ್ವ ಬದಲಾವಣೆಯ ಊಹಾಪೋಹಗಳ ಬಗ್ಗೆ ಪ್ರತಿಕ್ರಿಯಿಸಿದ ಅವರು, ಹೈಕಮಾಂಡ್ ತೀರ್ಮಾನವೇ ಅಂತಿಮ; ಅದಕ್ಕೆ ನಾನು ಬದ್ಧ ಎಂದರು. ಐದು ವರ್ಷ ಪೂರ್ಣಾವಧಿ ಆಡಳಿತ ನಡೆಸುವ ವಿಶ್ವಾಸವಿದೆ ಎಂದು ಹೇಳಿದರು. ಡಿಸಿಎಂ ಡಿ.ಕೆ.ಶಿವಕುಮಾರ್ ಅವರೂ ದೆಹಲಿಯಲ್ಲಿದ್ದು, ವರಿಷ್ಠರ ಭೇಟಿಗೆ ಸಮಯ ಕೋರಿದ್ದಾರೆ ಎಂದು ಮೂಲಗಳು ತಿಳಿಸಿವೆ. ಸಂಪುಟ ಪುನಾರಚನೆ ಬಗ್ಗೆ ಯಾವುದೇ ತೀರ್ಮಾನವಾಗಿಲ್ಲ; ವರಿಷ್ಠರ ಸೂಚನೆಯಂತೆ ನಡೆದುಕೊಳ್ಳುತ್ತೇನೆ ಎಂದು ಸಿಎಂ ಸ್ಪಷ್ಟಪಡಿಸಿದರು.
ಇಂದಿನಿಂದ ಬೆಂಗಳೂರು ಟೆಕ್ ಶೃಂಗಸಭೆ
ಬೆಂಗಳೂರು: ಏಷ್ಯಾದ ಅತಿದೊಡ್ಡ ತಂತ್ರಜ್ಞಾನ ಸಮಾವೇಶ ಎಂಬ ಹೆಗ್ಗಳಿಕೆಯ ಬೆಂಗಳೂರು ಟೆಕ್ ಶೃಂಗಸಭೆಯ 28ನೇ ಆವೃತ್ತಿಗೆ ಇಂದಿನಿಂದ (ನ.18) ಅರಮನೆ ಮೈದಾನದಲ್ಲಿ ಚಾಲನೆ ದೊರೆಯಲಿದೆ. ಮೂರು ದಿನಗಳ ಕಾಲ ನಡೆಯುವ ಸಮಾವೇಶದಲ್ಲಿ 60ಕ್ಕೂ ಹೆಚ್ಚು ದೇಶಗಳ ಪ್ರತಿನಿಧಿಗಳು ಭಾಗವಹಿಸಲಿದ್ದಾರೆ. 100ಕ್ಕೂ ಹೆಚ್ಚು ಗೋಷ್ಠಿಗಳು, 500ಕ್ಕೂ ಹೆಚ್ಚು ಭಾಷಣಕಾರರು, 15 ಸಾವಿರಕ್ಕೂ ಹೆಚ್ಚು ಸ್ಟಾರ್ಟಪ್‌ಗಳು ಹಾಗೂ 50 ಸಾವಿರಕ್ಕೂ ಹೆಚ್ಚು ವೀಕ್ಷಕರು ಪಾಲ್ಗೊಳ್ಳುವ ನಿರೀಕ್ಷೆ ಇದೆ. ಕೃತಕ ಬುದ್ಧಿಮತ್ತೆ, ಸೆಮಿಕಂಡಕ್ಟರ್, ಬಾಹ್ಯಾಕಾಶ ತಂತ್ರಜ್ಞಾನ, ಜೈವಿಕ ತಂತ್ರಜ್ಞಾನ ಕ್ಷೇತ್ರಗಳ ಪ್ರದರ್ಶನ ಪ್ರಮುಖ ಆಕರ್ಷಣೆ. ಡ್ರೋನ್, ರೊಬೋಟಿಕ್ಸ್ ಹಾಗೂ ಕ್ವಾಂಟಂ ತಂತ್ರಜ್ಞಾನದ ವಿಶೇಷ ಮಳಿಗೆಗಳನ್ನು ಸಿದ್ಧಪಡಿಸಲಾಗಿದೆ. ಮುಖ್ಯಮಂತ್ರಿಯಿಂದ ಚಾಲನೆ: ಮುಖ್ಯಮಂತ್ರಿ ಸಿದ್ದರಾಮಯ್ಯ ಸಮಾವೇಶ ಉದ್ಘಾಟಿಸಲಿದ್ದು, ಉಪಮುಖ್ಯಮಂತ್ರಿ ಡಿ.ಕೆ.ಶಿವಕುಮಾರ್, ಐಟಿ-ಬಿಟಿ ಸಚಿವ ಪ್ರಿಯಾಂಕ್ ಖರ್ಗೆ ಉಪಸ್ಥಿತರಿರಲಿದ್ದಾರೆ. ವಿದೇಶಿ ನಿಯೋಗಗಳೊಂದಿಗೆ ದ್ವಿಪಕ್ಷೀಯ ಸಭೆಗಳು ನಡೆಯಲಿವೆ. ನವೋದ್ಯಮಗಳಿಗೆ ಹೂಡಿಕೆದಾರರ ಜತೆ ಸಂಪರ್ಕ ಕಲ್ಪಿಸುವ ವಿಶೇಷ ವೇದಿಕೆ ಸಿದ್ಧವಾಗಿದೆ. ಗ್ರಾಮೀಣ ಭಾಗದ ವಿದ್ಯಾರ್ಥಿಗಳಿಗೆ ಉಚಿತ ಪ್ರವೇಶ ಕಲ್ಪಿಸಲಾಗಿದೆ. ಜಾಗತಿಕ ತಂತ್ರಜ್ಞಾನ ಕಂಪನಿಗಳ ಮುಖ್ಯಸ್ಥರು ಭಾಗವಹಿಸಲಿದ್ದು, ಹಲವು ಮಹತ್ವದ ಒಪ್ಪಂದಗಳಿಗೆ ಸಹಿ ಬೀಳುವ ಸಾಧ್ಯತೆ ಇದೆ. ಸಮಾವೇಶದ ಅಂಗವಾಗಿ ನಗರದ ಪ್ರಮುಖ ರಸ್ತೆಗಳಲ್ಲಿ ವಿಶೇಷ ಸಂಚಾರ ವ್ಯವಸ್ಥೆ ಕಲ್ಪಿಸಲಾಗಿದೆ. ಮೆಟ್ರೋ ಸೇವೆಯನ್ನು ತಡರಾತ್ರಿವರೆಗೆ ವಿಸ್ತರಿಸಲಾಗಿದೆ ಎಂದು ಅಧಿಕಾರಿಗಳು ತಿಳಿಸಿದ್ದಾರೆ.
ಟಿಕ್ಕಿಯಿಂದ ₹31 ಕೋಟಿ ದೋಚಿದ ವಂಚಕರು
ಬೆಂಗಳೂರು: ಷೇರು ಮಾರುಕಟ್ಟೆ, ಕ್ರಿಪ್ಟೋ ಹೂಡಿಕೆ ಹೆಸರಿನಲ್ಲಿ ಹೆಚ್ಚಿನ ಲಾಭದ ಆಮಿಷವೊಡ್ಡಿ ನಗರದ 57 ಮಂದಿಯಿಂದ ಒಟ್ಟು 31.83 ಕೋಟಿ ರೂ. ದೋಚಿರುವ ಸೈಬರ್ ವಂಚಕರ ಜಾಲವನ್ನು ಪೊಲೀಸರು ಭೇದಿಸಿದ್ದಾರೆ. ಟೆಲಿಗ್ರಾಂ ಮತ್ತು ವಾಟ್ಸಾಪ್ ಗುಂಪುಗಳ ಮೂಲಕ ಸಂಪರ್ಕಿಸಿ ನಕಲಿ ಟ್ರೇಡಿಂಗ್ ಆ್ಯಪ್‌ಗಳಲ್ಲಿ ಹೂಡಿಕೆ ಮಾಡಿಸುತ್ತಿದ್ದರು. ಆರಂಭದಲ್ಲಿ ಸಣ್ಣ ಮೊತ್ತದ ಲಾಭ ತೋರಿಸಿ ನಂಬಿಕೆ ಗಳಿಸಿ, ಬಳಿಕ ದೊಡ್ಡ ಮೊತ್ತ ಹೂಡಿಸಿಕೊಂಡು ವಂಚಿಸುತ್ತಿದ್ದರು. ವಂಚನೆ ಹೇಗೆ?: 2024ರ ಡಿ.15ರಂದು ಇಬ್ಬರು ಮಹಿಳೆಯರಿಗೆ ಷೇರು ಹೂಡಿಕೆ ತರಬೇತಿಯ ಲಿಂಕ್ ಕಳುಹಿಸಿದ್ದ ಆರೋಪಿಗಳು, ನಕಲಿ ಡಿಮ್ಯಾಟ್ ಖಾತೆ ತೆರೆಸಿ ಹಂತ ಹಂತವಾಗಿ ಹಣ ವರ್ಗಾಯಿಸಿಕೊಂಡಿದ್ದರು. ಲಾಭದ ಮೊತ್ತ ಹಿಂಪಡೆಯಲು ಯತ್ನಿಸಿದಾಗ ತೆರಿಗೆ, ಶುಲ್ಕದ ನೆಪವೊಡ್ಡಿ ಮತ್ತಷ್ಟು ಹಣ ಪಡೆದಿದ್ದರು. ಪ್ರಕರಣ ದಾಖಲಿಸಿಕೊಂಡಿರುವ ಸಿಸಿಬಿ ಪೊಲೀಸರು ಐವರು ಆರೋಪಿಗಳನ್ನು ಬಂಧಿಸಿದ್ದು, 42 ಬ್ಯಾಂಕ್ ಖಾತೆಗಳನ್ನು ಸ್ಥಗಿತಗೊಳಿಸಿದ್ದಾರೆ. ವಿವಿಧ ರಾಜ್ಯಗಳ ಏಜೆಂಟರ ಜಾಲದ ಬಗ್ಗೆ ತನಿಖೆ ಮುಂದುವರಿದಿದೆ. ಸಾರ್ವಜನಿಕರು ಅಪರಿಚಿತ ಲಿಂಕ್‌ಗಳ ಮೂಲಕ ಹೂಡಿಕೆ ಮಾಡದಂತೆ ಪೊಲೀಸರು ಮನವಿ ಮಾಡಿದ್ದಾರೆ.
ಕೊಚ್ಚಿ ಹೋದ ಕಾರು
ಮಡಿಕೇರಿ: ಜಿಲ್ಲೆಯ ಭಾಗಮಂಡಲ ಸಮೀಪ ರಾತ್ರಿ ಸುರಿದ ಭಾರಿ ಮಳೆಗೆ ಹಳ್ಳದ ನೀರು ರಸ್ತೆ ಮೇಲೆ ಹರಿದ ಪರಿಣಾಮ ಕಾರೊಂದು ಕೊಚ್ಚಿ ಹೋಗಿದೆ. ಕಾರಿನಲ್ಲಿದ್ದ ಮೂವರು ಸಕಾಲದಲ್ಲಿ ಬಾಗಿಲು ತೆರೆದು ಹೊರಬಂದು ಪ್ರಾಣಾಪಾಯದಿಂದ ಪಾರಾಗಿದ್ದಾರೆ. ಸ್ಥಳೀಯರ ನೆರವಿನಿಂದ ಕಾರನ್ನು ಸುಮಾರು ಅರ್ಧ ಕಿ.ಮೀ. ದೂರದಲ್ಲಿ ಪತ್ತೆ ಮಾಡಲಾಗಿದೆ. ಮಳೆಗಾಲದಲ್ಲಿ ಹಳ್ಳ ದಾಟದಂತೆ ಎಚ್ಚರಿಕೆ ಫಲಕ ಅಳವಡಿಸುವಂತೆ ಗ್ರಾಮಸ್ಥರು ಒತ್ತಾಯಿಸಿದ್ದಾರೆ.
ಸಿಎಂ ಪತ್ರ ಆಸ್ತಿಕೆಗೆ ದಾಖಲು
ಬೆಂಗಳೂರು: ಅಧಿಕಾರ ಹಂಚಿಕೆ ವಿವಾದದ ನಡುವೆ ಮುಖ್ಯಮಂತ್ರಿ ಸಿದ್ದರಾಮಯ್ಯ ಅವರು ಹೈಕಮಾಂಡ್‌ಗೆ ಬರೆದಿದ್ದಾರೆ ಎನ್ನಲಾದ ಪತ್ರವೊಂದು ಸಾಮಾಜಿಕ ಜಾಲತಾಣಗಳಲ್ಲಿ ಹರಿದಾಡುತ್ತಿದ್ದು, ಅದನ್ನು ದಾಖಲೆ ಸಮೇತ ಪರಿಶೀಲಿಸುವಂತೆ ಕಾಂಗ್ರೆಸ್ ವರಿಷ್ಠರು ಸೂಚಿಸಿದ್ದಾರೆ. ಪತ್ರ ನಕಲಿ ಎಂದು ಸಿಎಂ ಕಚೇರಿ ಸ್ಪಷ್ಟಪಡಿಸಿದೆ. ಈ ಬಗ್ಗೆ ಸೈಬರ್ ಠಾಣೆಗೆ ದೂರು ದಾಖಲಾಗಿದೆ.
